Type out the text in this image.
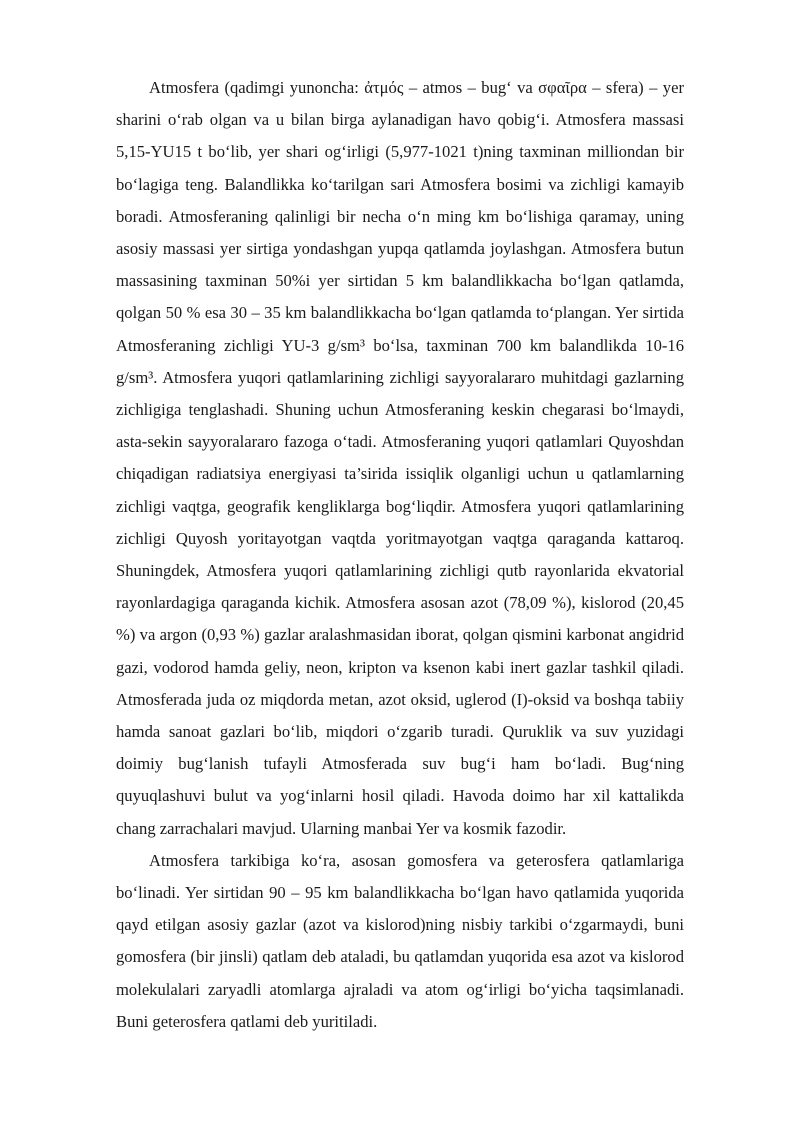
Atmosfera (qadimgi yunoncha: ἀτμός – atmos – bug‘ va σφαῖρα – sfera) – yer sharini o‘rab olgan va u bilan birga aylanadigan havo qobig‘i. Atmosfera massasi 5,15-YU15 t bo‘lib, yer shari og‘irligi (5,977-1021 t)ning taxminan milliondan bir bo‘lagiga teng. Balandlikka ko‘tarilgan sari Atmosfera bosimi va zichligi kamayib boradi. Atmosferaning qalinligi bir necha o‘n ming km bo‘lishiga qaramay, uning asosiy massasi yer sirtiga yondashgan yupqa qatlamda joylashgan. Atmosfera butun massasining taxminan 50%i yer sirtidan 5 km balandlikkacha bo‘lgan qatlamda, qolgan 50 % esa 30 – 35 km balandlikkacha bo‘lgan qatlamda to‘plangan. Yer sirtida Atmosferaning zichligi YU-3 g/sm³ bo‘lsa, taxminan 700 km balandlikda 10-16 g/sm³. Atmosfera yuqori qatlamlarining zichligi sayyoralararo muhitdagi gazlarning zichligiga tenglashadi. Shuning uchun Atmosferaning keskin chegarasi bo‘lmaydi, asta-sekin sayyoralararo fazoga o‘tadi. Atmosferaning yuqori qatlamlari Quyoshdan chiqadigan radiatsiya energiyasi ta’sirida issiqlik olganligi uchun u qatlamlarning zichligi vaqtga, geografik kengliklarga bog‘liqdir. Atmosfera yuqori qatlamlarining zichligi Quyosh yoritayotgan vaqtda yoritmayotgan vaqtga qaraganda kattaroq. Shuningdek, Atmosfera yuqori qatlamlarining zichligi qutb rayonlarida ekvatorial rayonlardagiga qaraganda kichik. Atmosfera asosan azot (78,09 %), kislorod (20,45 %) va argon (0,93 %) gazlar aralashmasidan iborat, qolgan qismini karbonat angidrid gazi, vodorod hamda geliy, neon, kripton va ksenon kabi inert gazlar tashkil qiladi. Atmosferada juda oz miqdorda metan, azot oksid, uglerod (I)-oksid va boshqa tabiiy hamda sanoat gazlari bo‘lib, miqdori o‘zgarib turadi. Quruklik va suv yuzidagi doimiy bug‘lanish tufayli Atmosferada suv bug‘i ham bo‘ladi. Bug‘ning quyuqlashuvi bulut va yog‘inlarni hosil qiladi. Havoda doimo har xil kattalikda chang zarrachalari mavjud. Ularning manbai Yer va kosmik fazodir.

Atmosfera tarkibiga ko‘ra, asosan gomosfera va geterosfera qatlamlariga bo‘linadi. Yer sirtidan 90 – 95 km balandlikkacha bo‘lgan havo qatlamida yuqorida qayd etilgan asosiy gazlar (azot va kislorod)ning nisbiy tarkibi o‘zgarmaydi, buni gomosfera (bir jinsli) qatlam deb ataladi, bu qatlamdan yuqorida esa azot va kislorod molekulalari zaryadli atomlarga ajraladi va atom og‘irligi bo‘yicha taqsimlanadi. Buni geterosfera qatlami deb yuritiladi.
